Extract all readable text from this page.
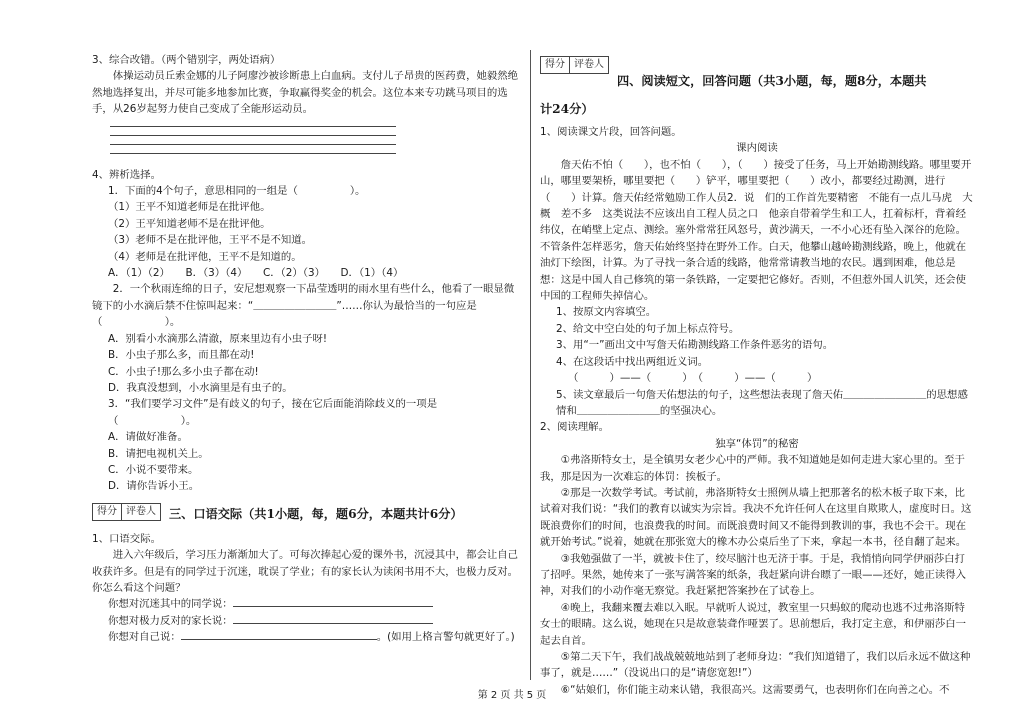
3、综合改错。（两个错别字，两处语病）

体操运动员丘索金娜的儿子阿廖沙被诊断患上白血病。支付儿子昂贵的医药费，她毅然绝然地选择复出，并尽可能多地参加比赛，争取赢得奖金的机会。这位本来专功跳马项目的选手，从26岁起努力使自己变成了全能形运动员。

4、辨析选择。

1．下面的4个句子，意思相同的一组是（　　　　　）。

（1）王平不知道老师是在批评他。

（2）王平知道老师不是在批评他。

（3）老师不是在批评他，王平不是不知道。

（4）老师是在批评他，王平不是知道的。

A．（1）（2）　　B．（3）（4）　　C．（2）（3）　　D．（1）（4）

2．一个秋雨连绵的日子，安尼想观察一下晶莹透明的雨水里有些什么，他看了一眼显微镜下的小水滴后禁不住惊叫起来：“＿＿＿＿＿＿＿＿”……你认为最恰当的一句应是（　　　　　　）。

A．别看小水滴那么清澈，原来里边有小虫子呀!

B．小虫子那么多，而且都在动!

C．小虫子!那么多小虫子都在动!

D．我真没想到，小水滴里是有虫子的。

3．“我们要学习文件”是有歧义的句子，接在它后面能消除歧义的一项是（　　　　　　）。

A．请做好准备。

B．请把电视机关上。

C．小说不要带来。

D．请你告诉小王。

得分 评卷人	三、口语交际（共1小题，每，题6分，本题共计6分）

1、口语交际。

进入六年级后，学习压力渐渐加大了。可每次捧起心爱的课外书，沉浸其中，都会让自己收获许多。但是有的同学过于沉迷，耽误了学业；有的家长认为读闲书用不大，也极力反对。你怎么看这个问题？

你想对沉迷其中的同学说：

你想对极力反对的家长说：

你想对自己说：	。(如用上格言警句就更好了。)

得分 评卷人
四、阅读短文，回答问题（共3小题，每，题8分，本题共

计24分）

1、阅读课文片段，回答问题。

课内阅读

詹天佑不怕（　　），也不怕（　　），（　　）接受了任务，马上开始勘测线路。哪里要开山，哪里要架桥，哪里要把（　　）铲平，哪里要把（　　）改小，都要经过勘测，进行（　　）计算。詹天佑经常勉励工作人员2．说　们的工作首先要精密　不能有一点儿马虎　大概　差不多　这类说法不应该出自工程人员之口　他亲自带着学生和工人，扛着标杆，背着经纬仪，在峭壁上定点、测绘。塞外常常狂风怒号，黄沙满天，一不小心还有坠入深谷的危险。不管条件怎样恶劣，詹天佑始终坚持在野外工作。白天，他攀山越岭勘测线路，晚上，他就在油灯下绘图，计算。为了寻找一条合适的线路，他常常请教当地的农民。遇到困难，他总是想：这是中国人自己修筑的第一条铁路，一定要把它修好。否则，不但惹外国人讥笑，还会使中国的工程师失掉信心。

1、按原文内容填空。

2、给文中空白处的句子加上标点符号。

3、用“一”画出文中写詹天佑勘测线路工作条件恶劣的语句。

4、在这段话中找出两组近义词。

（　　　）——（　　　）　（　　　）——（　　　）

5、读文章最后一句詹天佑想法的句子，这些想法表现了詹天佑＿＿＿＿＿＿＿＿的思想感情和＿＿＿＿＿＿＿＿的坚强决心。

2、阅读理解。

独享“体罚”的秘密

①弗洛斯特女士，是全镇男女老少心中的严师。我不知道她是如何走进大家心里的。至于我，那是因为一次难忘的体罚：挨板子。

②那是一次数学考试。考试前，弗洛斯特女士照例从墙上把那著名的松木板子取下来，比试着对我们说：“我们的教育以诚实为宗旨。我决不允许任何人在这里自欺欺人，虚度时日。这既浪费你们的时间，也浪费我的时间。而既浪费时间又不能得到教训的事，我也不会干。现在就开始考试。”说着，她就在那张宽大的橡木办公桌后坐了下来，拿起一本书，径自翻了起来。

③我勉强做了一半，就被卡住了，绞尽脑汁也无济于事。于是，我悄悄向同学伊丽莎白打了招呼。果然，她传来了一张写满答案的纸条，我赶紧向讲台瞟了一眼——还好，她正读得入神，对我们的小动作毫无察觉。我赶紧把答案抄在了试卷上。

④晚上，我翻来覆去难以入眠。早就听人说过，教室里一只蚂蚁的爬动也逃不过弗洛斯特女士的眼睛。这么说，她现在只是故意装聋作哑罢了。思前想后，我打定主意，和伊丽莎白一起去自首。

⑤第二天下午，我们战战兢兢地站到了老师身边：“我们知道错了，我们以后永远不做这种事了，就是……”（没说出口的是“请您宽恕!”）

⑥“姑娘们，你们能主动来认错，我很高兴。这需要勇气，也表明你们在向善之心。不

第 2 页 共 5 页
